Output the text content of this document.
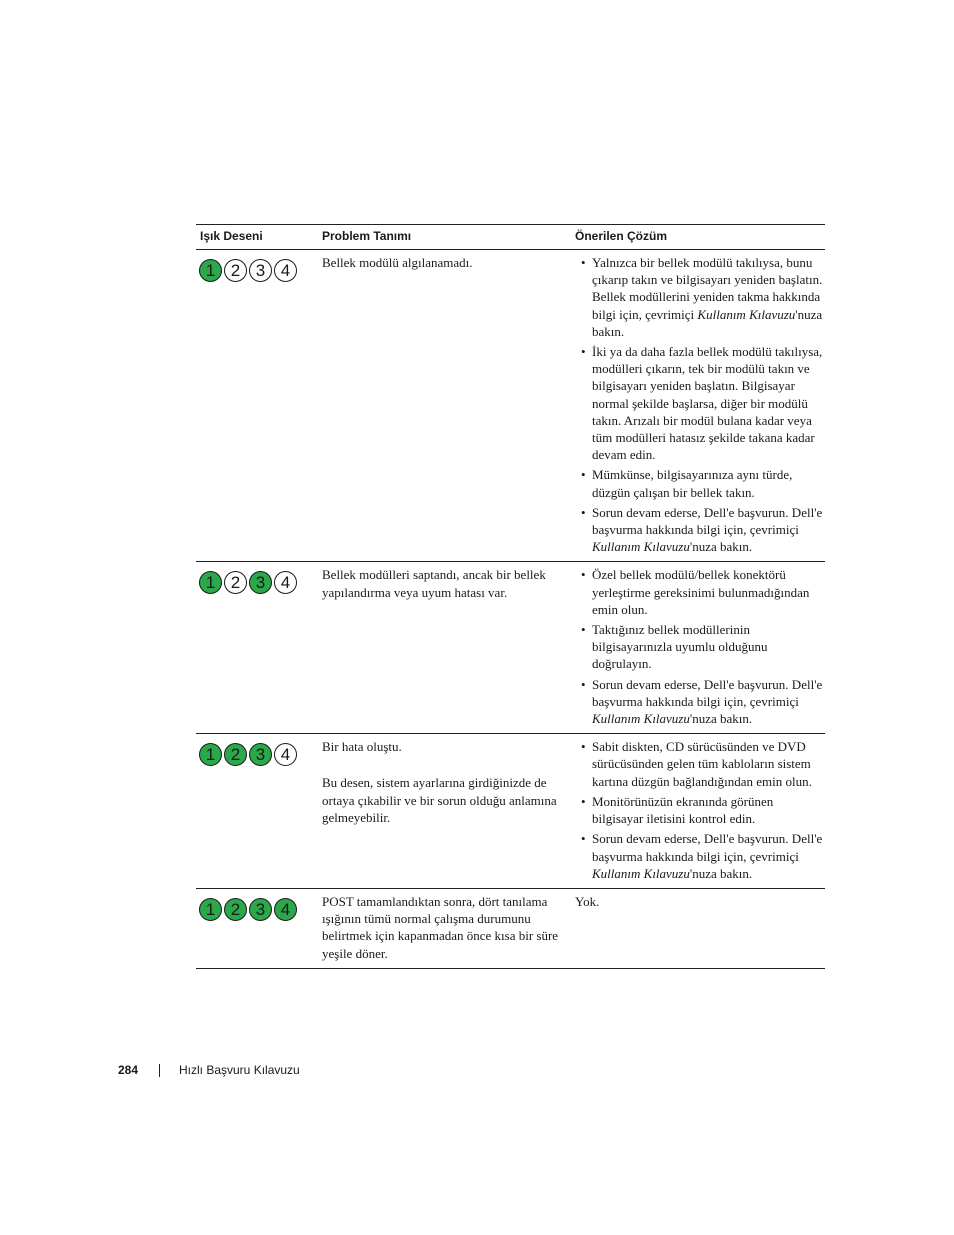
Işık Deseni	Problem Tanımı	Önerilen Çözüm
1 2 3 4	Bellek modülü algılanamadı.
•	Yalnızca bir bellek modülü takılıysa, bunu çıkarıp takın ve bilgisayarı yeniden başlatın. Bellek modüllerini yeniden takma hakkında bilgi için, çevrimiçi Kullanım Kılavuzu'nuza bakın.
• İki ya da daha fazla bellek modülü takılıysa, modülleri çıkarın, tek bir modülü takın ve bilgisayarı yeniden başlatın. Bilgisayar normal şekilde başlarsa, diğer bir modülü takın. Arızalı bir modül bulana kadar veya tüm modülleri hatasız şekilde takana kadar devam edin.
• Mümkünse, bilgisayarınıza aynı türde, düzgün çalışan bir bellek takın.
• Sorun devam ederse, Dell'e başvurun. Dell'e başvurma hakkında bilgi için, çevrimiçi Kullanım Kılavuzu'nuza bakın.
1 2 3 4	Bellek modülleri saptandı, ancak bir bellek yapılandırma veya uyum hatası var.
• Özel bellek modülü/bellek konektörü yerleştirme gereksinimi bulunmadığından emin olun.
• Taktığınız bellek modüllerinin bilgisayarınızla uyumlu olduğunu doğrulayın.
• Sorun devam ederse, Dell'e başvurun. Dell'e başvurma hakkında bilgi için, çevrimiçi Kullanım Kılavuzu'nuza bakın.
1 2 3 4	Bir hata oluştu.
Bu desen, sistem ayarlarına girdiğinizde de ortaya çıkabilir ve bir sorun olduğu anlamına gelmeyebilir.
• Sabit diskten, CD sürücüsünden ve DVD sürücüsünden gelen tüm kabloların sistem kartına düzgün bağlandığından emin olun.
• Monitörünüzün ekranında görünen bilgisayar iletisini kontrol edin.
• Sorun devam ederse, Dell'e başvurun. Dell'e başvurma hakkında bilgi için, çevrimiçi Kullanım Kılavuzu'nuza bakın.
1 2 3 4	POST tamamlandıktan sonra, dört tanılama ışığının tümü normal çalışma durumunu belirtmek için kapanmadan önce kısa bir süre yeşile döner.
Yok.
284	Hızlı Başvuru Kılavuzu
